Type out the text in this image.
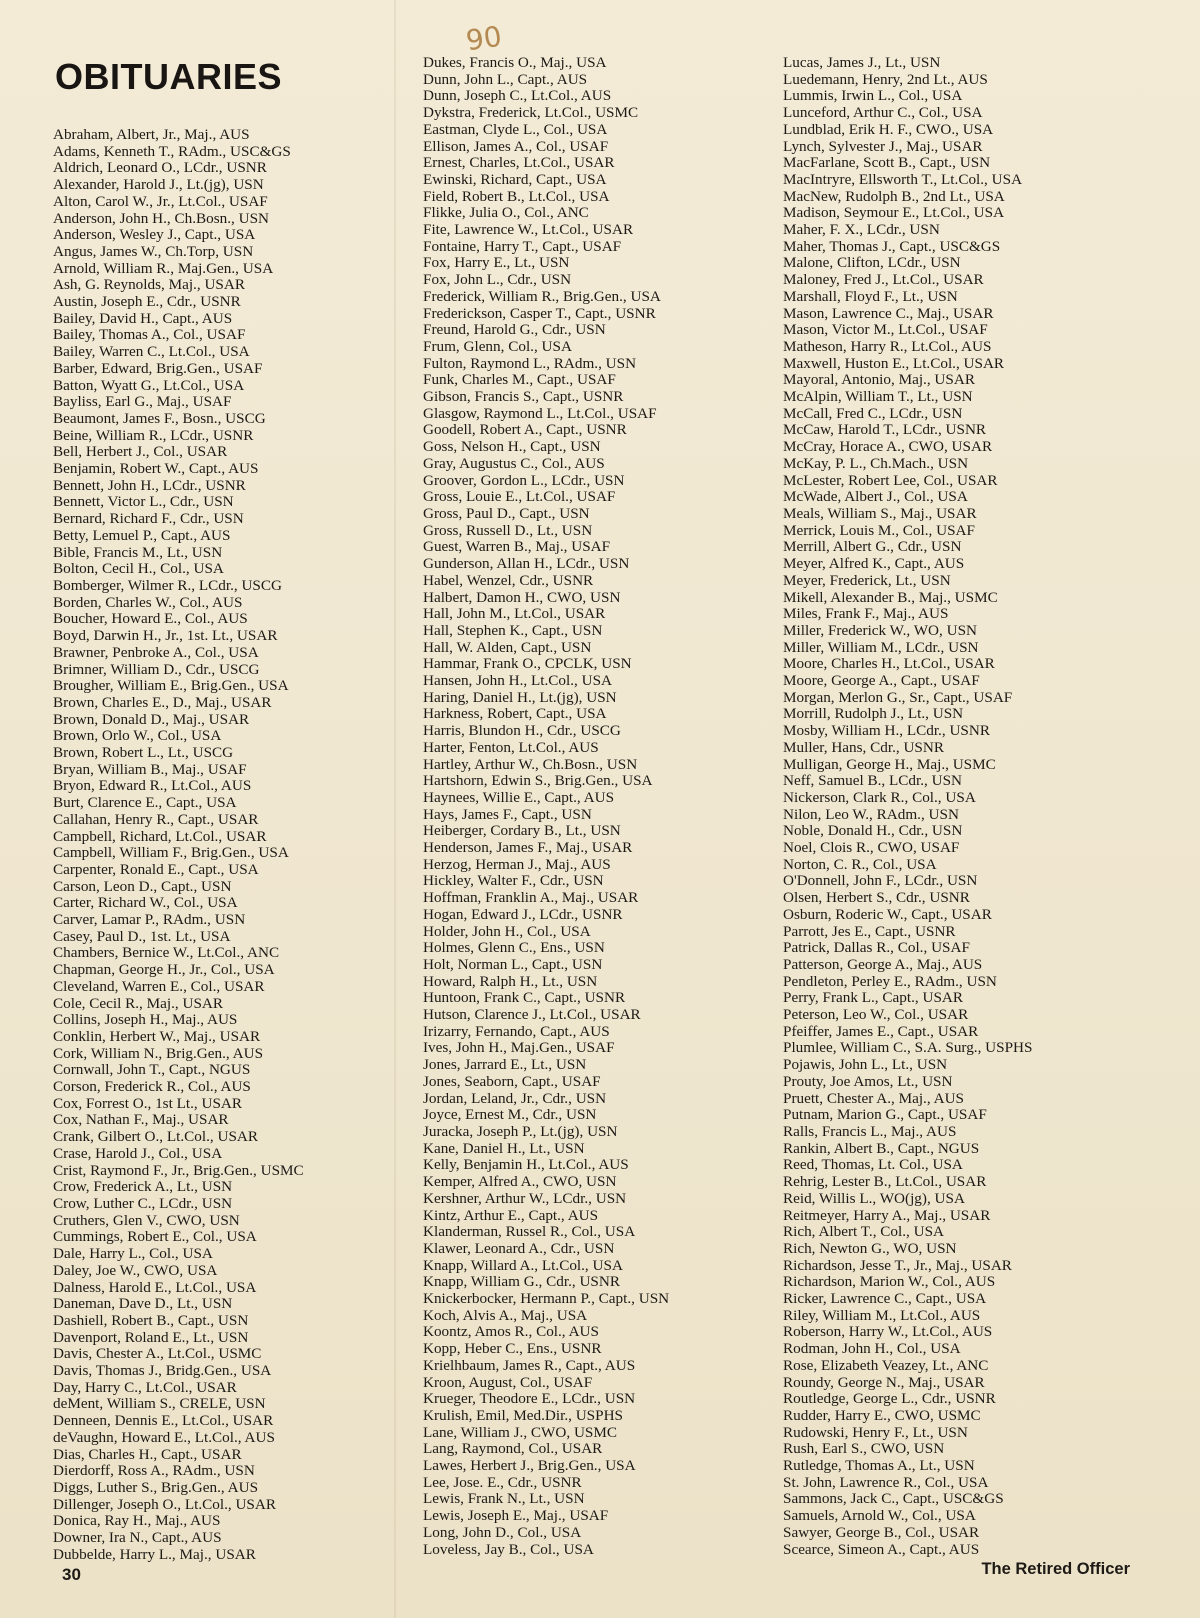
90
OBITUARIES
Abraham, Albert, Jr., Maj., AUS
Adams, Kenneth T., RAdm., USC&GS
Aldrich, Leonard O., LCdr., USNR
Alexander, Harold J., Lt.(jg), USN
Alton, Carol W., Jr., Lt.Col., USAF
Anderson, John H., Ch.Bosn., USN
Anderson, Wesley J., Capt., USA
Angus, James W., Ch.Torp, USN
Arnold, William R., Maj.Gen., USA
Ash, G. Reynolds, Maj., USAR
Austin, Joseph E., Cdr., USNR
Bailey, David H., Capt., AUS
Bailey, Thomas A., Col., USAF
Bailey, Warren C., Lt.Col., USA
Barber, Edward, Brig.Gen., USAF
Batton, Wyatt G., Lt.Col., USA
Bayliss, Earl G., Maj., USAF
Beaumont, James F., Bosn., USCG
Beine, William R., LCdr., USNR
Bell, Herbert J., Col., USAR
Benjamin, Robert W., Capt., AUS
Bennett, John H., LCdr., USNR
Bennett, Victor L., Cdr., USN
Bernard, Richard F., Cdr., USN
Betty, Lemuel P., Capt., AUS
Bible, Francis M., Lt., USN
Bolton, Cecil H., Col., USA
Bomberger, Wilmer R., LCdr., USCG
Borden, Charles W., Col., AUS
Boucher, Howard E., Col., AUS
Boyd, Darwin H., Jr., 1st. Lt., USAR
Brawner, Penbroke A., Col., USA
Brimner, William D., Cdr., USCG
Brougher, William E., Brig.Gen., USA
Brown, Charles E., D., Maj., USAR
Brown, Donald D., Maj., USAR
Brown, Orlo W., Col., USA
Brown, Robert L., Lt., USCG
Bryan, William B., Maj., USAF
Bryon, Edward R., Lt.Col., AUS
Burt, Clarence E., Capt., USA
Callahan, Henry R., Capt., USAR
Campbell, Richard, Lt.Col., USAR
Campbell, William F., Brig.Gen., USA
Carpenter, Ronald E., Capt., USA
Carson, Leon D., Capt., USN
Carter, Richard W., Col., USA
Carver, Lamar P., RAdm., USN
Casey, Paul D., 1st. Lt., USA
Chambers, Bernice W., Lt.Col., ANC
Chapman, George H., Jr., Col., USA
Cleveland, Warren E., Col., USAR
Cole, Cecil R., Maj., USAR
Collins, Joseph H., Maj., AUS
Conklin, Herbert W., Maj., USAR
Cork, William N., Brig.Gen., AUS
Cornwall, John T., Capt., NGUS
Corson, Frederick R., Col., AUS
Cox, Forrest O., 1st Lt., USAR
Cox, Nathan F., Maj., USAR
Crank, Gilbert O., Lt.Col., USAR
Crase, Harold J., Col., USA
Crist, Raymond F., Jr., Brig.Gen., USMC
Crow, Frederick A., Lt., USN
Crow, Luther C., LCdr., USN
Cruthers, Glen V., CWO, USN
Cummings, Robert E., Col., USA
Dale, Harry L., Col., USA
Daley, Joe W., CWO, USA
Dalness, Harold E., Lt.Col., USA
Daneman, Dave D., Lt., USN
Dashiell, Robert B., Capt., USN
Davenport, Roland E., Lt., USN
Davis, Chester A., Lt.Col., USMC
Davis, Thomas J., Bridg.Gen., USA
Day, Harry C., Lt.Col., USAR
deMent, William S., CRELE, USN
Denneen, Dennis E., Lt.Col., USAR
deVaughn, Howard E., Lt.Col., AUS
Dias, Charles H., Capt., USAR
Dierdorff, Ross A., RAdm., USN
Diggs, Luther S., Brig.Gen., AUS
Dillenger, Joseph O., Lt.Col., USAR
Donica, Ray H., Maj., AUS
Downer, Ira N., Capt., AUS
Dubbelde, Harry L., Maj., USAR
Dukes, Francis O., Maj., USA
Dunn, John L., Capt., AUS
Dunn, Joseph C., Lt.Col., AUS
Dykstra, Frederick, Lt.Col., USMC
Eastman, Clyde L., Col., USA
Ellison, James A., Col., USAF
Ernest, Charles, Lt.Col., USAR
Ewinski, Richard, Capt., USA
Field, Robert B., Lt.Col., USA
Flikke, Julia O., Col., ANC
Fite, Lawrence W., Lt.Col., USAR
Fontaine, Harry T., Capt., USAF
Fox, Harry E., Lt., USN
Fox, John L., Cdr., USN
Frederick, William R., Brig.Gen., USA
Frederickson, Casper T., Capt., USNR
Freund, Harold G., Cdr., USN
Frum, Glenn, Col., USA
Fulton, Raymond L., RAdm., USN
Funk, Charles M., Capt., USAF
Gibson, Francis S., Capt., USNR
Glasgow, Raymond L., Lt.Col., USAF
Goodell, Robert A., Capt., USNR
Goss, Nelson H., Capt., USN
Gray, Augustus C., Col., AUS
Groover, Gordon L., LCdr., USN
Gross, Louie E., Lt.Col., USAF
Gross, Paul D., Capt., USN
Gross, Russell D., Lt., USN
Guest, Warren B., Maj., USAF
Gunderson, Allan H., LCdr., USN
Habel, Wenzel, Cdr., USNR
Halbert, Damon H., CWO, USN
Hall, John M., Lt.Col., USAR
Hall, Stephen K., Capt., USN
Hall, W. Alden, Capt., USN
Hammar, Frank O., CPCLK, USN
Hansen, John H., Lt.Col., USA
Haring, Daniel H., Lt.(jg), USN
Harkness, Robert, Capt., USA
Harris, Blundon H., Cdr., USCG
Harter, Fenton, Lt.Col., AUS
Hartley, Arthur W., Ch.Bosn., USN
Hartshorn, Edwin S., Brig.Gen., USA
Haynees, Willie E., Capt., AUS
Hays, James F., Capt., USN
Heiberger, Cordary B., Lt., USN
Henderson, James F., Maj., USAR
Herzog, Herman J., Maj., AUS
Hickley, Walter F., Cdr., USN
Hoffman, Franklin A., Maj., USAR
Hogan, Edward J., LCdr., USNR
Holder, John H., Col., USA
Holmes, Glenn C., Ens., USN
Holt, Norman L., Capt., USN
Howard, Ralph H., Lt., USN
Huntoon, Frank C., Capt., USNR
Hutson, Clarence J., Lt.Col., USAR
Irizarry, Fernando, Capt., AUS
Ives, John H., Maj.Gen., USAF
Jones, Jarrard E., Lt., USN
Jones, Seaborn, Capt., USAF
Jordan, Leland, Jr., Cdr., USN
Joyce, Ernest M., Cdr., USN
Juracka, Joseph P., Lt.(jg), USN
Kane, Daniel H., Lt., USN
Kelly, Benjamin H., Lt.Col., AUS
Kemper, Alfred A., CWO, USN
Kershner, Arthur W., LCdr., USN
Kintz, Arthur E., Capt., AUS
Klanderman, Russel R., Col., USA
Klawer, Leonard A., Cdr., USN
Knapp, Willard A., Lt.Col., USA
Knapp, William G., Cdr., USNR
Knickerbocker, Hermann P., Capt., USN
Koch, Alvis A., Maj., USA
Koontz, Amos R., Col., AUS
Kopp, Heber C., Ens., USNR
Krielhbaum, James R., Capt., AUS
Kroon, August, Col., USAF
Krueger, Theodore E., LCdr., USN
Krulish, Emil, Med.Dir., USPHS
Lane, William J., CWO, USMC
Lang, Raymond, Col., USAR
Lawes, Herbert J., Brig.Gen., USA
Lee, Jose. E., Cdr., USNR
Lewis, Frank N., Lt., USN
Lewis, Joseph E., Maj., USAF
Long, John D., Col., USA
Loveless, Jay B., Col., USA
Lucas, James J., Lt., USN
Luedemann, Henry, 2nd Lt., AUS
Lummis, Irwin L., Col., USA
Lunceford, Arthur C., Col., USA
Lundblad, Erik H. F., CWO., USA
Lynch, Sylvester J., Maj., USAR
MacFarlane, Scott B., Capt., USN
MacIntryre, Ellsworth T., Lt.Col., USA
MacNew, Rudolph B., 2nd Lt., USA
Madison, Seymour E., Lt.Col., USA
Maher, F. X., LCdr., USN
Maher, Thomas J., Capt., USC&GS
Malone, Clifton, LCdr., USN
Maloney, Fred J., Lt.Col., USAR
Marshall, Floyd F., Lt., USN
Mason, Lawrence C., Maj., USAR
Mason, Victor M., Lt.Col., USAF
Matheson, Harry R., Lt.Col., AUS
Maxwell, Huston E., Lt.Col., USAR
Mayoral, Antonio, Maj., USAR
McAlpin, William T., Lt., USN
McCall, Fred C., LCdr., USN
McCaw, Harold T., LCdr., USNR
McCray, Horace A., CWO, USAR
McKay, P. L., Ch.Mach., USN
McLester, Robert Lee, Col., USAR
McWade, Albert J., Col., USA
Meals, William S., Maj., USAR
Merrick, Louis M., Col., USAF
Merrill, Albert G., Cdr., USN
Meyer, Alfred K., Capt., AUS
Meyer, Frederick, Lt., USN
Mikell, Alexander B., Maj., USMC
Miles, Frank F., Maj., AUS
Miller, Frederick W., WO, USN
Miller, William M., LCdr., USN
Moore, Charles H., Lt.Col., USAR
Moore, George A., Capt., USAF
Morgan, Merlon G., Sr., Capt., USAF
Morrill, Rudolph J., Lt., USN
Mosby, William H., LCdr., USNR
Muller, Hans, Cdr., USNR
Mulligan, George H., Maj., USMC
Neff, Samuel B., LCdr., USN
Nickerson, Clark R., Col., USA
Nilon, Leo W., RAdm., USN
Noble, Donald H., Cdr., USN
Noel, Clois R., CWO, USAF
Norton, C. R., Col., USA
O'Donnell, John F., LCdr., USN
Olsen, Herbert S., Cdr., USNR
Osburn, Roderic W., Capt., USAR
Parrott, Jes E., Capt., USNR
Patrick, Dallas R., Col., USAF
Patterson, George A., Maj., AUS
Pendleton, Perley E., RAdm., USN
Perry, Frank L., Capt., USAR
Peterson, Leo W., Col., USAR
Pfeiffer, James E., Capt., USAR
Plumlee, William C., S.A. Surg., USPHS
Pojawis, John L., Lt., USN
Prouty, Joe Amos, Lt., USN
Pruett, Chester A., Maj., AUS
Putnam, Marion G., Capt., USAF
Ralls, Francis L., Maj., AUS
Rankin, Albert B., Capt., NGUS
Reed, Thomas, Lt. Col., USA
Rehrig, Lester B., Lt.Col., USAR
Reid, Willis L., WO(jg), USA
Reitmeyer, Harry A., Maj., USAR
Rich, Albert T., Col., USA
Rich, Newton G., WO, USN
Richardson, Jesse T., Jr., Maj., USAR
Richardson, Marion W., Col., AUS
Ricker, Lawrence C., Capt., USA
Riley, William M., Lt.Col., AUS
Roberson, Harry W., Lt.Col., AUS
Rodman, John H., Col., USA
Rose, Elizabeth Veazey, Lt., ANC
Roundy, George N., Maj., USAR
Routledge, George L., Cdr., USNR
Rudder, Harry E., CWO, USMC
Rudowski, Henry F., Lt., USN
Rush, Earl S., CWO, USN
Rutledge, Thomas A., Lt., USN
St. John, Lawrence R., Col., USA
Sammons, Jack C., Capt., USC&GS
Samuels, Arnold W., Col., USA
Sawyer, George B., Col., USAR
Scearce, Simeon A., Capt., AUS
30	The Retired Officer
